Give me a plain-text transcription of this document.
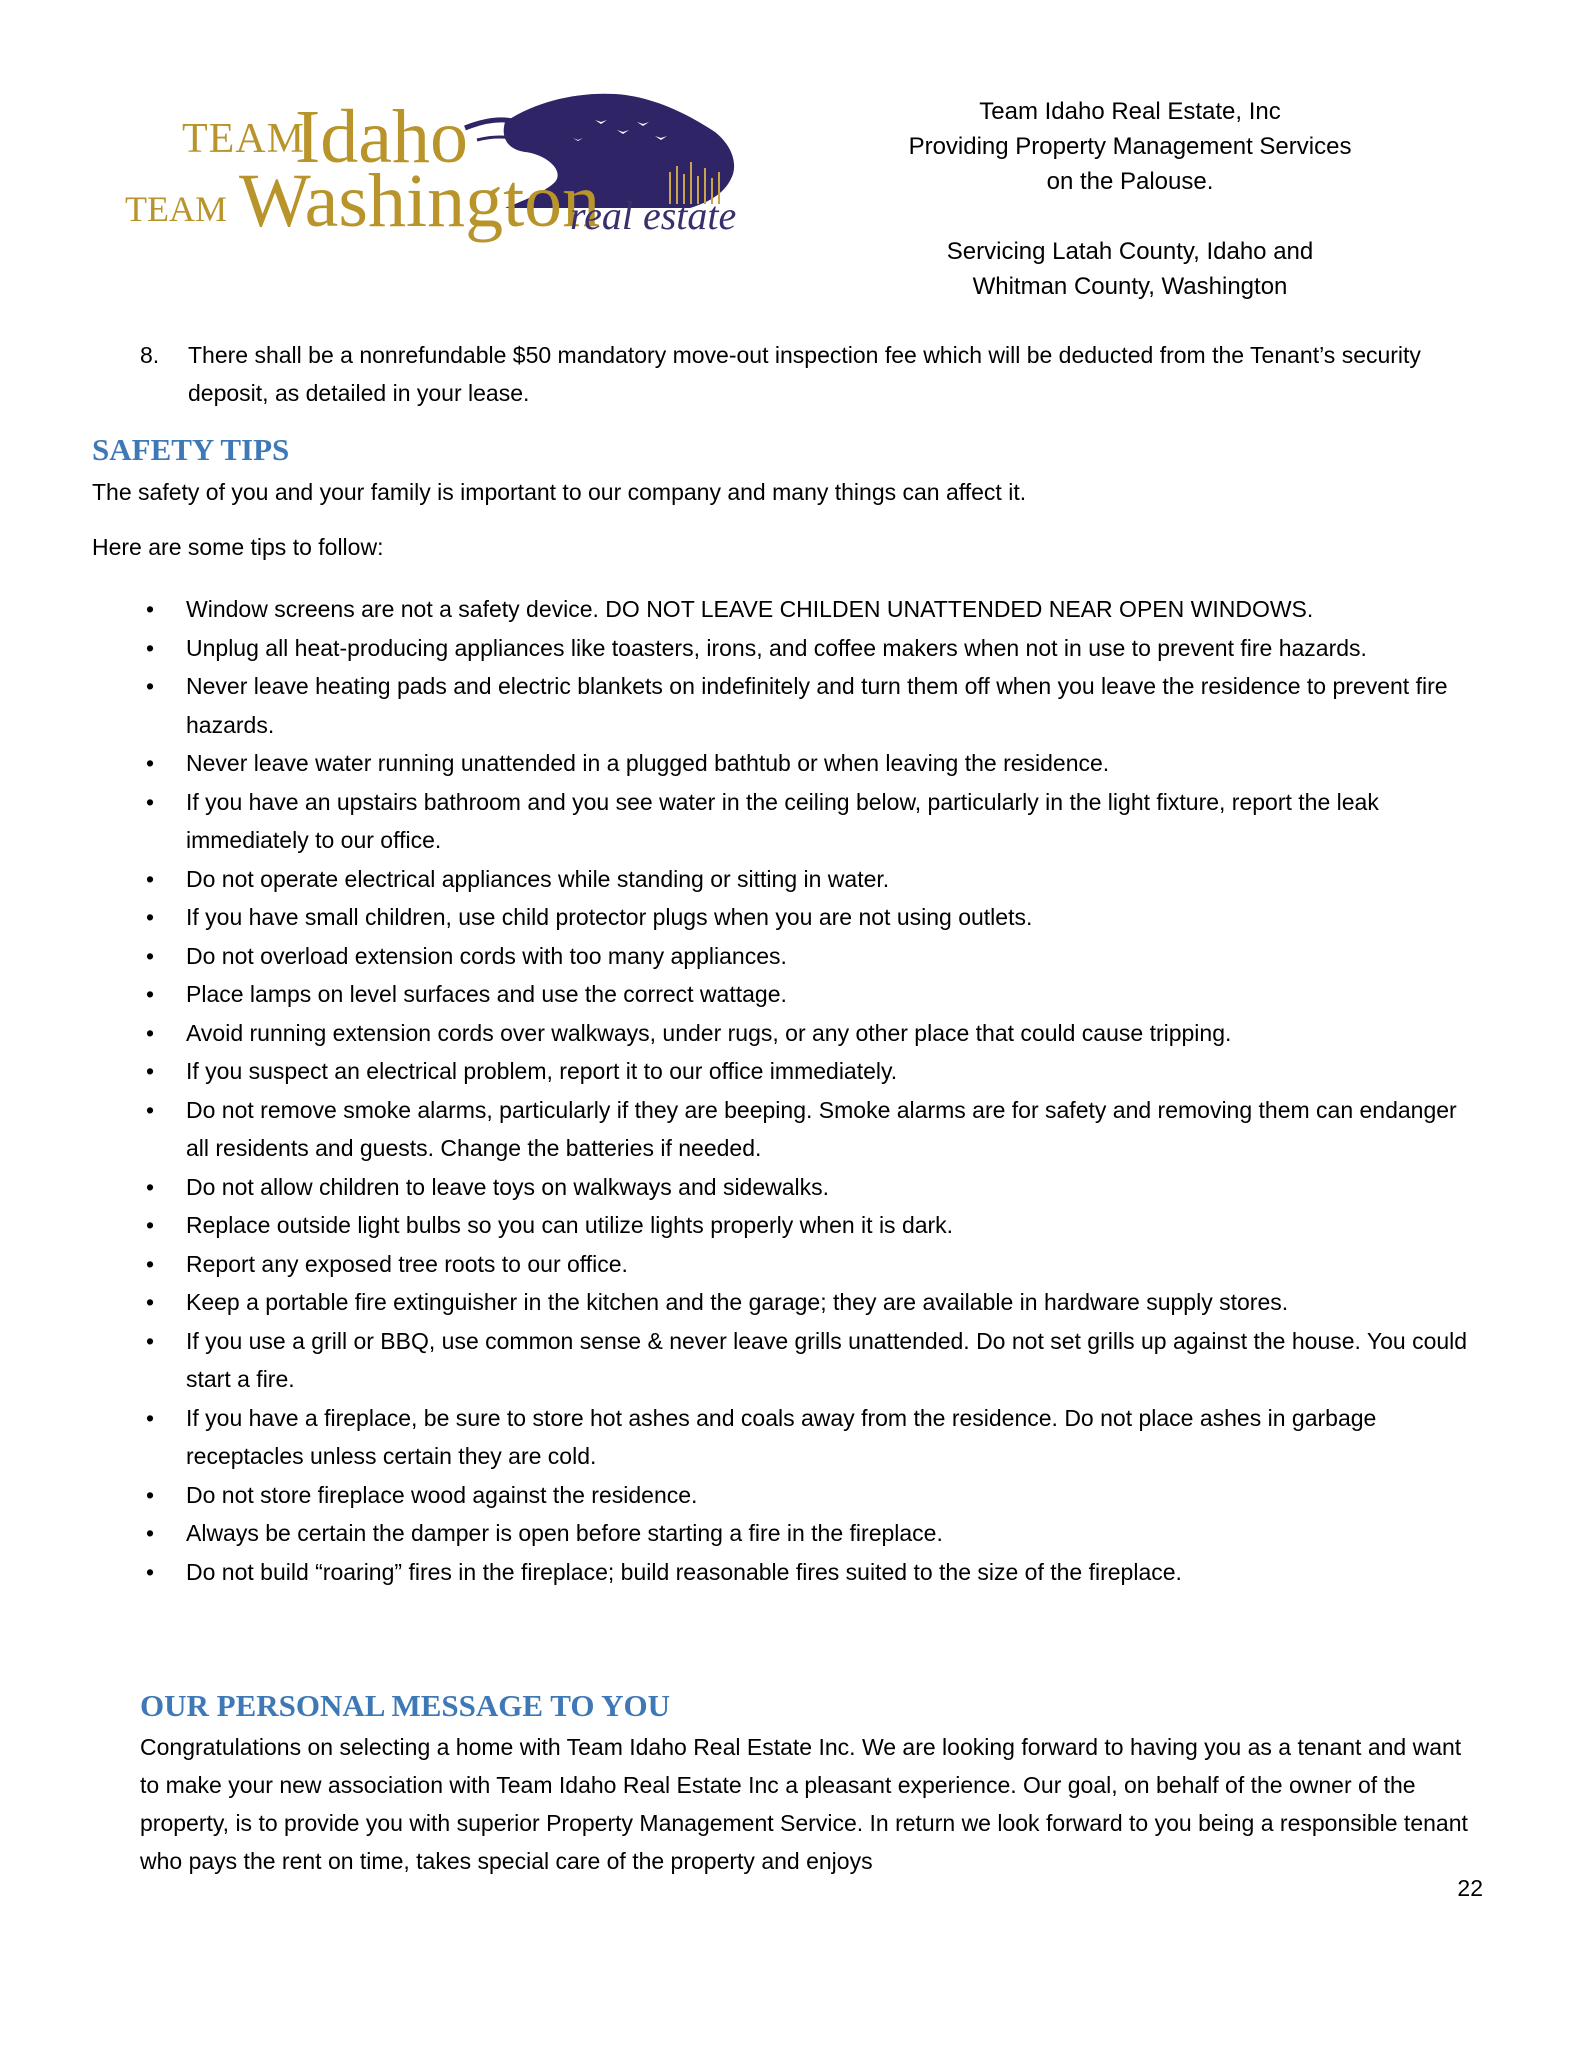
TEAM
Idaho
TEAM Washington
real estate
Team Idaho Real Estate, Inc
Providing Property Management Services
on the Palouse.
Servicing Latah County, Idaho and
Whitman County, Washington
8. There shall be a nonrefundable $50 mandatory move-out inspection fee which will be deducted from the Tenant’s security deposit, as detailed in your lease.
SAFETY TIPS
The safety of you and your family is important to our company and many things can affect it.
Here are some tips to follow:
• Window screens are not a safety device. DO NOT LEAVE CHILDEN UNATTENDED NEAR OPEN WINDOWS.
• Unplug all heat-producing appliances like toasters, irons, and coffee makers when not in use to prevent fire hazards.
• Never leave heating pads and electric blankets on indefinitely and turn them off when you leave the residence to prevent fire hazards.
• Never leave water running unattended in a plugged bathtub or when leaving the residence.
• If you have an upstairs bathroom and you see water in the ceiling below, particularly in the light fixture, report the leak immediately to our office.
• Do not operate electrical appliances while standing or sitting in water.
• If you have small children, use child protector plugs when you are not using outlets.
• Do not overload extension cords with too many appliances.
• Place lamps on level surfaces and use the correct wattage.
• Avoid running extension cords over walkways, under rugs, or any other place that could cause tripping.
• If you suspect an electrical problem, report it to our office immediately.
• Do not remove smoke alarms, particularly if they are beeping. Smoke alarms are for safety and removing them can endanger all residents and guests. Change the batteries if needed.
• Do not allow children to leave toys on walkways and sidewalks.
• Replace outside light bulbs so you can utilize lights properly when it is dark.
• Report any exposed tree roots to our office.
• Keep a portable fire extinguisher in the kitchen and the garage; they are available in hardware supply stores.
• If you use a grill or BBQ, use common sense & never leave grills unattended. Do not set grills up against the house. You could start a fire.
• If you have a fireplace, be sure to store hot ashes and coals away from the residence. Do not place ashes in garbage receptacles unless certain they are cold.
• Do not store fireplace wood against the residence.
• Always be certain the damper is open before starting a fire in the fireplace.
• Do not build “roaring” fires in the fireplace; build reasonable fires suited to the size of the fireplace.
OUR PERSONAL MESSAGE TO YOU
Congratulations on selecting a home with Team Idaho Real Estate Inc. We are looking forward to having you as a tenant and want to make your new association with Team Idaho Real Estate Inc a pleasant experience. Our goal, on behalf of the owner of the property, is to provide you with superior Property Management Service. In return we look forward to you being a responsible tenant who pays the rent on time, takes special care of the property and enjoys
22
